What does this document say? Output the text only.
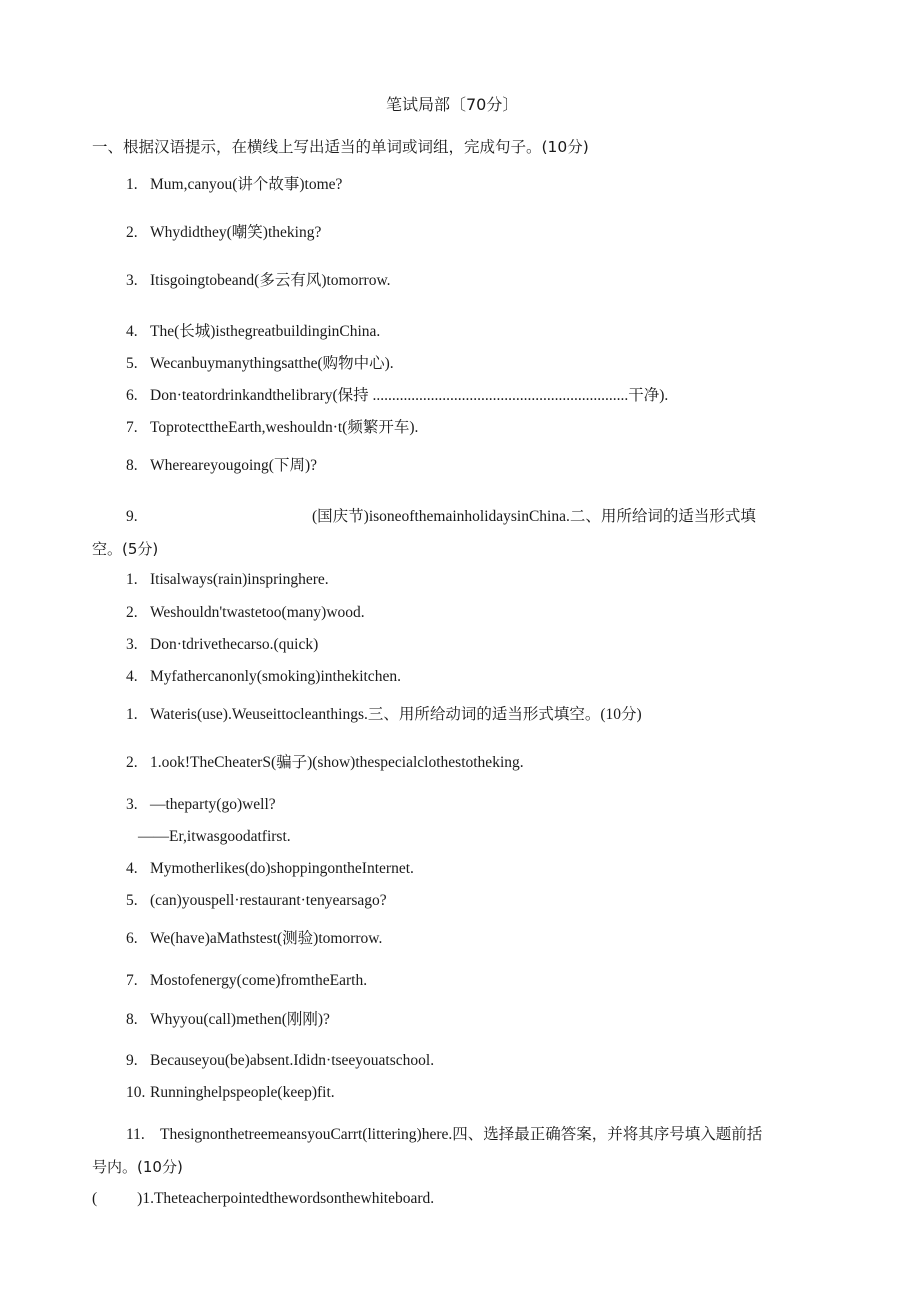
笔试局部〔70分〕
一、根据汉语提示，在横线上写出适当的单词或词组，完成句子。(10分)
1. Mum,canyou(讲个故事)tome?
2. Whydidthey(嘲笑)theking?
3. Itisgoingtobeand(多云有风)tomorrow.
4. The(长城)isthegreatbuildinginChina.
5. Wecanbuymanythingsatthe(购物中心).
6. Don·teatordrinkandthelibrary(保持 ..................................................................干净).
7. ToprotecttheEarth,weshouldn·t(频繁开车).
8. Whereareyougoing(下周)?
9.	(国庆节)isoneofthemainholidaysinChina.二、用所给词的适当形式填
空。(5分)
1. Itisalways(rain)inspringhere.
2. Weshouldn'twastetoo(many)wood.
3. Don·tdrivethecarso.(quick)
4. Myfathercanonly(smoking)inthekitchen.
1. Wateris(use).Weuseittocleanthings.三、用所给动词的适当形式填空。(10分)
2. 1.ook!TheCheaterS(骗子)(show)thespecialclothestotheking.
3. —theparty(go)well?
——Er,itwasgoodatfirst.
4. Mymotherlikes(do)shoppingontheInternet.
5. (can)youspell·restaurant·tenyearsago?
6. We(have)aMathstest(测验)tomorrow.
7. Mostofenergy(come)fromtheEarth.
8. Whyyou(call)methen(刚刚)?
9. Becauseyou(be)absent.Ididn·tseeyouatschool.
10. Runninghelpspeople(keep)fit.
11. ThesignonthetreemeansyouCarrt(littering)here.四、选择最正确答案，并将其序号填入题前括
号内。(10分)
(	)1.Theteacherpointedthewordsonthewhiteboard.
